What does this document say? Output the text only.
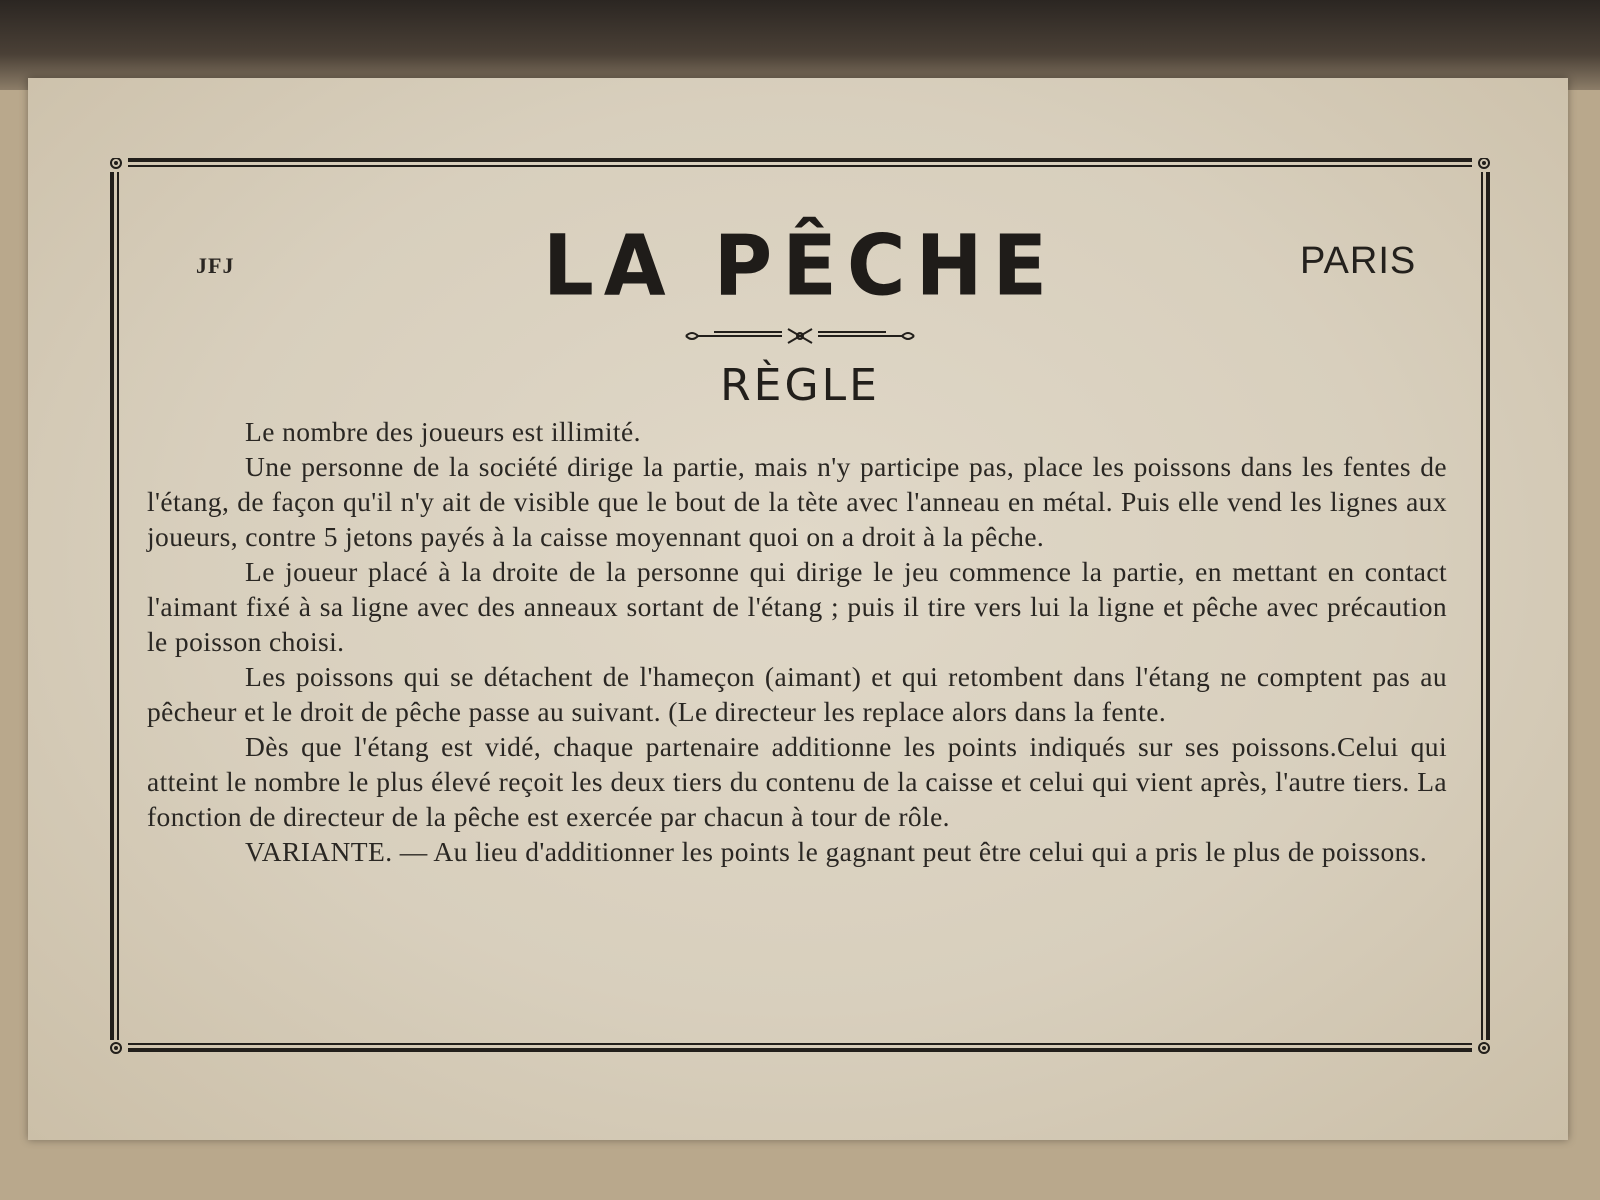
JFJ	LA PÊCHE	PARIS
RÈGLE

Le nombre des joueurs est illimité.

Une personne de la société dirige la partie, mais n'y participe pas, place les poissons dans les fentes de l'étang, de façon qu'il n'y ait de visible que le bout de la tète avec l'anneau en métal. Puis elle vend les lignes aux joueurs, contre 5 jetons payés à la caisse moyennant quoi on a droit à la pêche.

Le joueur placé à la droite de la personne qui dirige le jeu commence la partie, en mettant en contact l'aimant fixé à sa ligne avec des anneaux sortant de l'étang ; puis il tire vers lui la ligne et pêche avec précaution le poisson choisi.

Les poissons qui se détachent de l'hameçon (aimant) et qui retombent dans l'étang ne comptent pas au pêcheur et le droit de pêche passe au suivant. (Le directeur les replace alors dans la fente.

Dès que l'étang est vidé, chaque partenaire additionne les points indiqués sur ses poissons.Celui qui atteint le nombre le plus élevé reçoit les deux tiers du contenu de la caisse et celui qui vient après, l'autre tiers. La fonction de directeur de la pêche est exercée par chacun à tour de rôle.

VARIANTE. — Au lieu d'additionner les points le gagnant peut être celui qui a pris le plus de poissons.
